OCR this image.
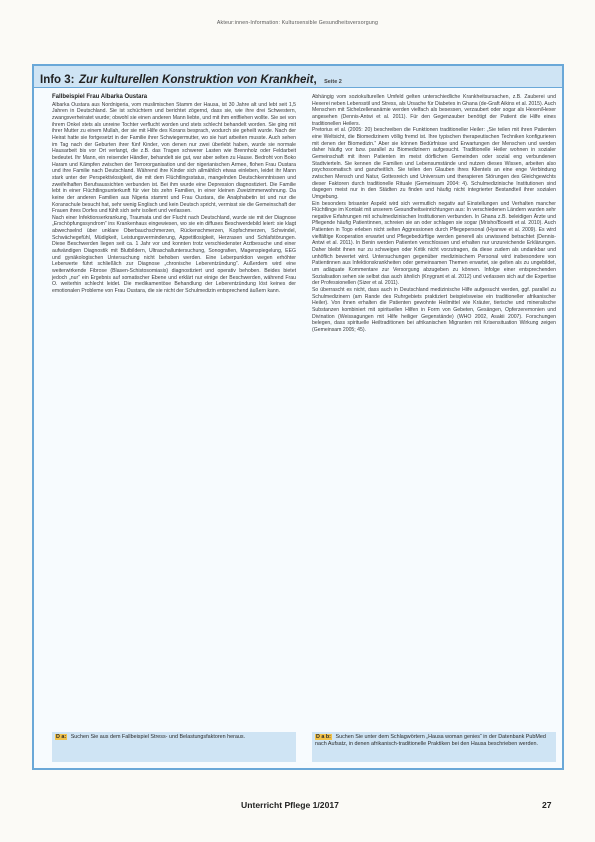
Akteur:innen-Information: Kultursensible Gesundheitsversorgung
Info 3: Zur kulturellen Konstruktion von Krankheit, Seite 2
Fallbeispiel Frau Albarka Oustara

Albarka Oustara aus Nordnigeria, vom muslimischen Stamm der Hausa, ist 30 Jahre alt und lebt seit 1,5 Jahren in Deutschland. Sie ist schüchtern und berichtet zögernd, dass sie, wie ihre drei Schwestern, zwangsverheiratet wurde; obwohl sie einen anderen Mann liebte, und mit ihm entfliehen wollte. Sie sei von ihrem Onkel stets als unreine Tochter verflucht worden und stets schlecht behandelt worden. Sie ging mit ihrer Mutter zu einem Mullah, der sie mit Hilfe des Korans besprach, wodurch sie geheilt wurde. Nach der Heirat hatte sie fortgesetzt in der Familie ihrer Schwiegermutter, wo sie hart arbeiten musste. Auch sehen im Tag nach der Geburten ihrer fünf Kinder, von denen nur zwei überlebt haben, wurde sie normale Hausarbeit bis vor Ort verlangt, die z.B. das Tragen schwerer Lasten wie Brennholz oder Feldarbeit bedeutet. Ihr Mann, ein reisender Händler, behandelt sie gut, war aber selten zu Hause. Bedroht von Boko Haram und Kämpfen zwischen der Terrororganisation und der nigerianischen Armee, flohen Frau Oustara und ihre Familie nach Deutschland. Während ihre Kinder sich allmählich etwas einleben, leidet ihr Mann stark unter der Perspektivlosigkeit, die mit dem Flüchtlingsstatus, mangelnden Deutschkenntnissen und zweifelhaften Berufsaussichten verbunden ist. Bei ihm wurde eine Depression diagnostiziert. Die Familie lebt in einer Flüchtlingsunterkunft für vier bis zehn Familien, in einer kleinen Zweizimmerwohnung. Da keine der anderen Familien aus Nigeria stammt und Frau Oustara, die Analphabetin ist und nur die Koranschule besucht hat, sehr wenig Englisch und kein Deutsch spricht, vermisst sie die Gemeinschaft der Frauen ihres Dorfes und fühlt sich sehr isoliert und verlassen.

Nach einer Infektionserkrankung, Traumata und der Flucht nach Deutschland, wurde sie mit der Diagnose „Erschöpfungssyndrom“ ins Krankenhaus eingewiesen, wo sie ein diffuses Beschwerdebild leiert: sie klagt abwechselnd über unklare Oberbauchschmerzen, Rückenschmerzen, Kopfschmerzen, Schwindel, Schwächegefühl, Müdigkeit, Leistungsverminderung, Appetitlosigkeit, Herzrasen und Schlafstörungen. Diese Beschwerden liegen seit ca. 1 Jahr vor und konnten trotz verschiedenster Arztbesuche und einer aufwändigen Diagnostik mit Blutbildern, Ultraschalluntersuchung, Sonografien, Magenspiegelung, EEG und gynäkologischen Untersuchung nicht behoben werden. Eine Leberpunktion wegen erhöhter Leberwerte führt schließlich zur Diagnose „chronische Leberentzündung“. Außerdem wird eine weiterwirkende Fibrose (Blasen-Schistosomiasis) diagnostiziert und operativ behoben. Beides bietet jedoch „nur“ ein Ergebnis auf somatischer Ebene und erklärt nur einige der Beschwerden, während Frau O. weiterhin schlecht leidet. Die medikamentöse Behandlung der Leberentzündung löst keines der emotionalen Probleme von Frau Oustara, die sie nicht der Schulmedizin entsprechend äußern kann.

Abhängig vom soziokulturellen Umfeld gelten unterschiedliche Krankheitsursachen, z.B. Zauberei und Hexerei neben Lebensstil und Stress, als Ursache für Diabetes in Ghana (de-Graft Aikins et al. 2015). Auch Menschen mit Sichelzellenanämie werden vielfach als besessen, verzaubert oder sogar als Hexen/Hexer angesehen (Dennis-Antwi et al. 2011). Für den Gegenzauber benötigt der Patient die Hilfe eines traditionellen Heilers.

Pretorius et al. (2005: 20) beschreiben die Funktionen traditioneller Heiler: „Sie teilen mit ihren Patienten eine Weltsicht, die Biomedizinern völlig fremd ist. Ihre typischen therapeutischen Techniken konfigurieren mit denen der Biomedizin.“ Aber sie können Bedürfnisse und Erwartungen der Menschen und werden daher häufig vor bzw. parallel zu Biomedizinern aufgesucht. Traditionelle Heiler wohnen in sozialer Gemeinschaft mit ihren Patienten im meist dörflichen Gemeinden oder sozial eng verbundenen Stadtvierteln. Sie kennen die Familien und Lebensumstände und nutzen dieses Wissen, arbeiten also psychosomatisch und ganzheitlich. Sie teilen den Glauben ihres Klientels an eine enge Verbindung zwischen Mensch und Natur, Gottesreich und Universum und therapieren Störungen des Gleichgewichts dieser Faktoren durch traditionelle Rituale (Gemeinsam 2004: 4). Schulmedizinische Institutionen sind dagegen meist nur in den Städten zu finden und häufig nicht integrierter Bestandteil ihrer sozialen Umgebung.

Ein besonders brisanter Aspekt wird sich vermutlich negativ auf Einstellungen und Verhalten mancher Flüchtlinge im Kontakt mit unserem Gesundheitseinrichtungen aus: In verschiedenen Ländern wurden sehr negative Erfahrungen mit schulmedizinischen Institutionen verbunden. In Ghana z.B. beleidigen Ärzte und Pflegende häufig Patientinnen, schreien sie an oder schlagen sie sogar (Mrisho/Bosetti et al. 2010). Auch Patienten in Togo erleben nicht selten Aggressionen durch Pflegepersonal (Hyanwe et al. 2009). Es wird vielfältige Kooperation erwartet und Pflegebedürftige werden generell als unwissend betrachtet (Dennis-Antwi et al. 2011). In Benin werden Patienten verschlossen und erhalten nur unzureichende Erklärungen. Daher bleibt ihnen nur zu schweigen oder Kritik nicht vorzutragen, da diese zudem als undankbar und unhöflich bewertet wird. Untersuchungen gegenüber medizinischem Personal wird insbesondere von Patientinnen aus Infektionskrankheiten oder gemeinsamen Themen erwartet, sie gelten als zu ungebildet, um adäquate Kommentare zur Versorgung abzugeben zu können. Infolge einer entsprechenden Sozialisation sehen sie selbst das auch ähnlich (Knygrant et al. 2012) und verlassen sich auf die Expertise der Professionellen (Sizer et al. 2011).

So überrascht es nicht, dass auch in Deutschland medizinische Hilfe aufgesucht werden, ggf. parallel zu Schulmedizinern (am Rande des Ruhrgebiets praktiziert beispielsweise ein traditioneller afrikanischer Heiler). Von ihnen erhalten die Patienten gewohnte Heilmittel wie Kräuter, tierische und mineralische Substanzen kombiniert mit spirituellen Hilfen in Form von Gebeten, Gesängen, Opferzeremonien und Divination (Weissagungen mit Hilfe heiliger Gegenstände) (WHO 2002, Asakii 2007). Forschungen belegen, dass spirituelle Heiltraditionen bei afrikanischen Migranten mit Krisensituation Wirkung zeigen (Gemeinsam 2005; 45).

D a: Suchen Sie aus dem Fallbeispiel Stress- und Belastungsfaktoren heraus.	D a b: Suchen Sie unter dem Schlagwörtern „Hausa woman genies“ in der Datenbank PubMed nach Aufsatz, in denen afrikanisch-traditionelle Praktiken bei den Hausa beschrieben werden.
Unterricht Pflege 1/2017	27
